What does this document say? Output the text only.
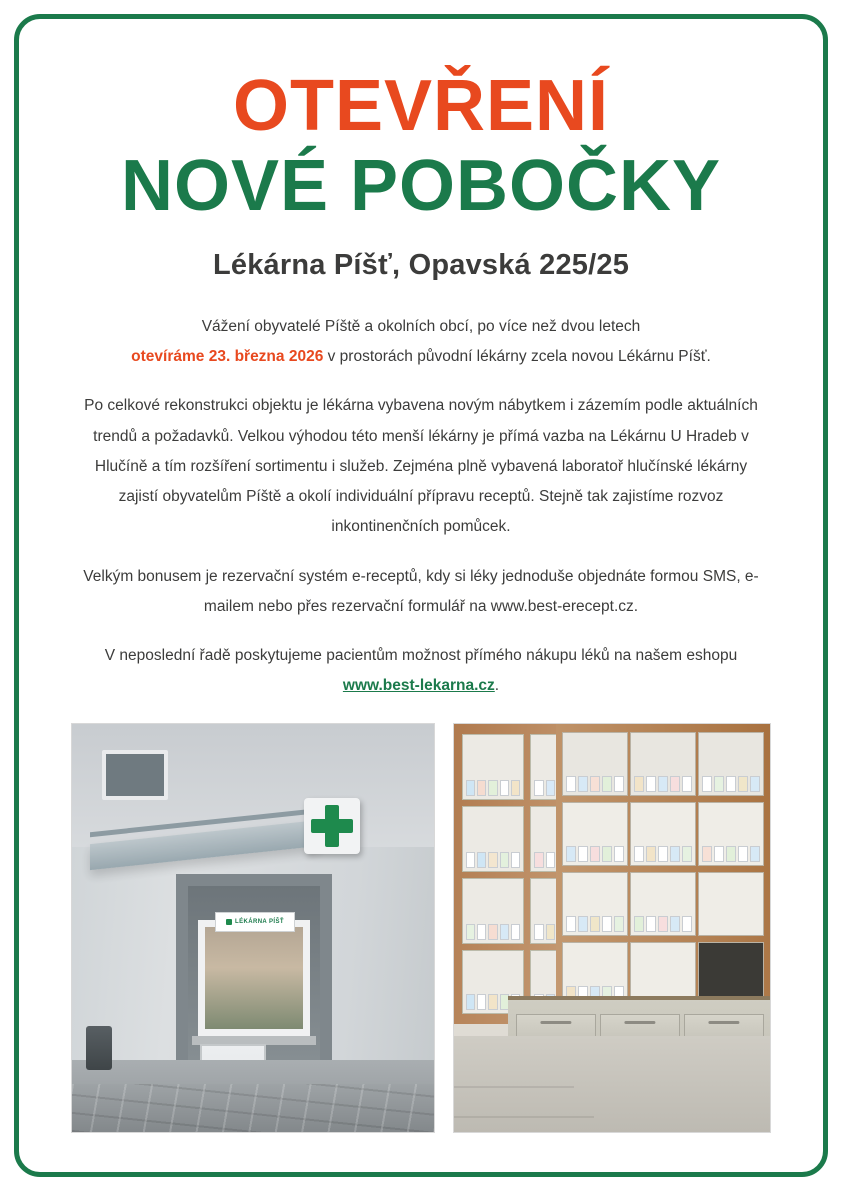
OTEVŘENÍ
NOVÉ POBOČKY
Lékárna Píšť, Opavská 225/25

Vážení obyvatelé Píště a okolních obcí, po více než dvou letech
otevíráme 23. března 2026 v prostorách původní lékárny zcela novou Lékárnu Píšť.

Po celkové rekonstrukci objektu je lékárna vybavena novým nábytkem i zázemím podle aktuálních trendů a požadavků. Velkou výhodou této menší lékárny je přímá vazba na Lékárnu U Hradeb v Hlučíně a tím rozšíření sortimentu i služeb. Zejména plně vybavená laboratoř hlučínské lékárny zajistí obyvatelům Píště a okolí individuální přípravu receptů. Stejně tak zajistíme rozvoz inkontinenčních pomůcek.

Velkým bonusem je rezervační systém e-receptů, kdy si léky jednoduše objednáte formou SMS, e-mailem nebo přes rezervační formulář na www.best-erecept.cz.

V neposlední řadě poskytujeme pacientům možnost přímého nákupu léků na našem eshopu
www.best-lekarna.cz.

LÉKÁRNA PÍŠŤ
